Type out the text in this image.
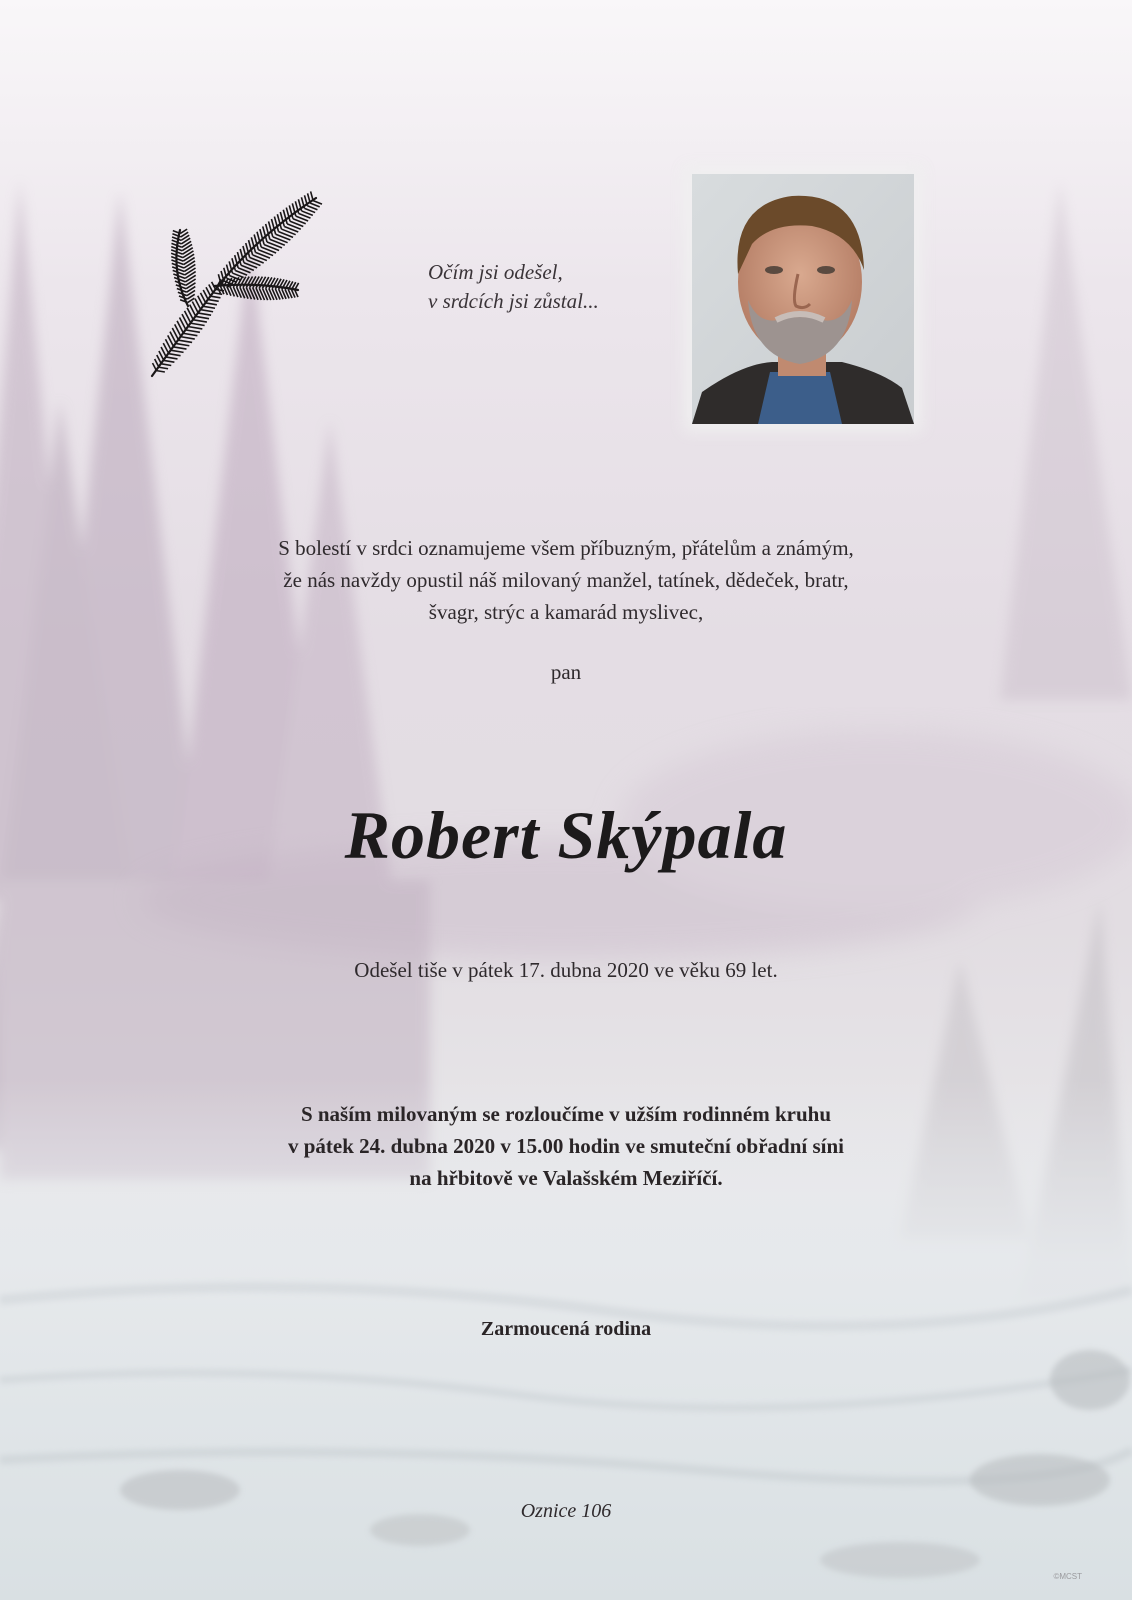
Očím jsi odešel,
v srdcích jsi zůstal...
S bolestí v srdci oznamujeme všem příbuzným, přátelům a známým,
že nás navždy opustil náš milovaný manžel, tatínek, dědeček, bratr,
švagr, strýc a kamarád myslivec,
pan
Robert Skýpala
Odešel tiše v pátek 17. dubna 2020 ve věku 69 let.
S naším milovaným se rozloučíme v užším rodinném kruhu
v pátek 24. dubna 2020 v 15.00 hodin ve smuteční obřadní síni
na hřbitově ve Valašském Meziříčí.
Zarmoucená rodina
Oznice 106
©MCST
